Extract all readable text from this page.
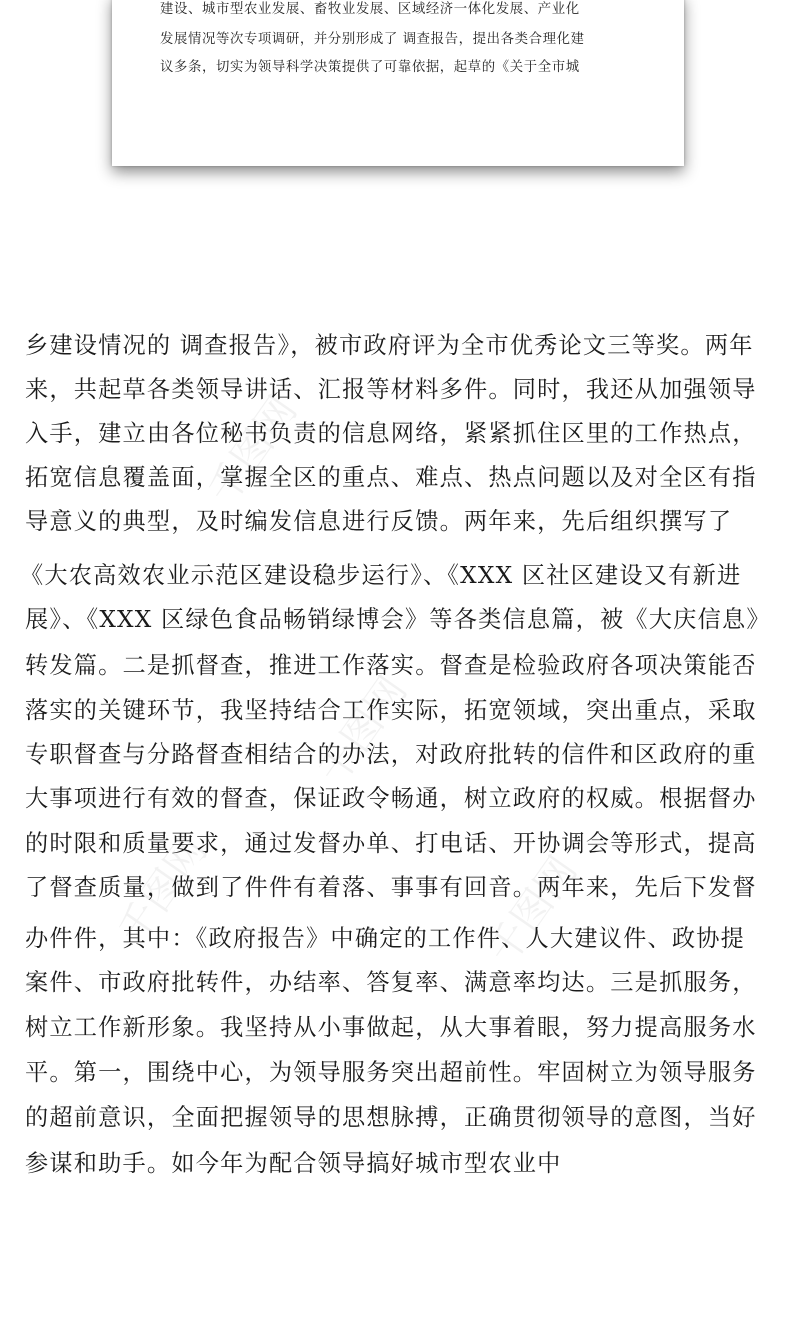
建设、城市型农业发展、畜牧业发展、区域经济一体化发展、产业化
发展情况等次专项调研，并分别形成了 调查报告，提出各类合理化建
议多条，切实为领导科学决策提供了可靠依据，起草的《关于全市城
千图网
千图网
千图网
千图网
乡建设情况的 调查报告》，被市政府评为全市优秀论文三等奖。两年
来，共起草各类领导讲话、汇报等材料多件。同时，我还从加强领导
入手，建立由各位秘书负责的信息网络，紧紧抓住区里的工作热点，
拓宽信息覆盖面，掌握全区的重点、难点、热点问题以及对全区有指
导意义的典型，及时编发信息进行反馈。两年来，先后组织撰写了
《大农高效农业示范区建设稳步运行》、《XXX 区社区建设又有新进
展》、《XXX 区绿色食品畅销绿博会》等各类信息篇，被《大庆信息》
转发篇。二是抓督查，推进工作落实。督查是检验政府各项决策能否
落实的关键环节，我坚持结合工作实际，拓宽领域，突出重点，采取
专职督查与分路督查相结合的办法，对政府批转的信件和区政府的重
大事项进行有效的督查，保证政令畅通，树立政府的权威。根据督办
的时限和质量要求，通过发督办单、打电话、开协调会等形式，提高
了督查质量，做到了件件有着落、事事有回音。两年来，先后下发督
办件件，其中：《政府报告》中确定的工作件、人大建议件、政协提
案件、市政府批转件，办结率、答复率、满意率均达。三是抓服务，
树立工作新形象。我坚持从小事做起，从大事着眼，努力提高服务水
平。第一，围绕中心，为领导服务突出超前性。牢固树立为领导服务
的超前意识，全面把握领导的思想脉搏，正确贯彻领导的意图，当好
参谋和助手。如今年为配合领导搞好城市型农业中
